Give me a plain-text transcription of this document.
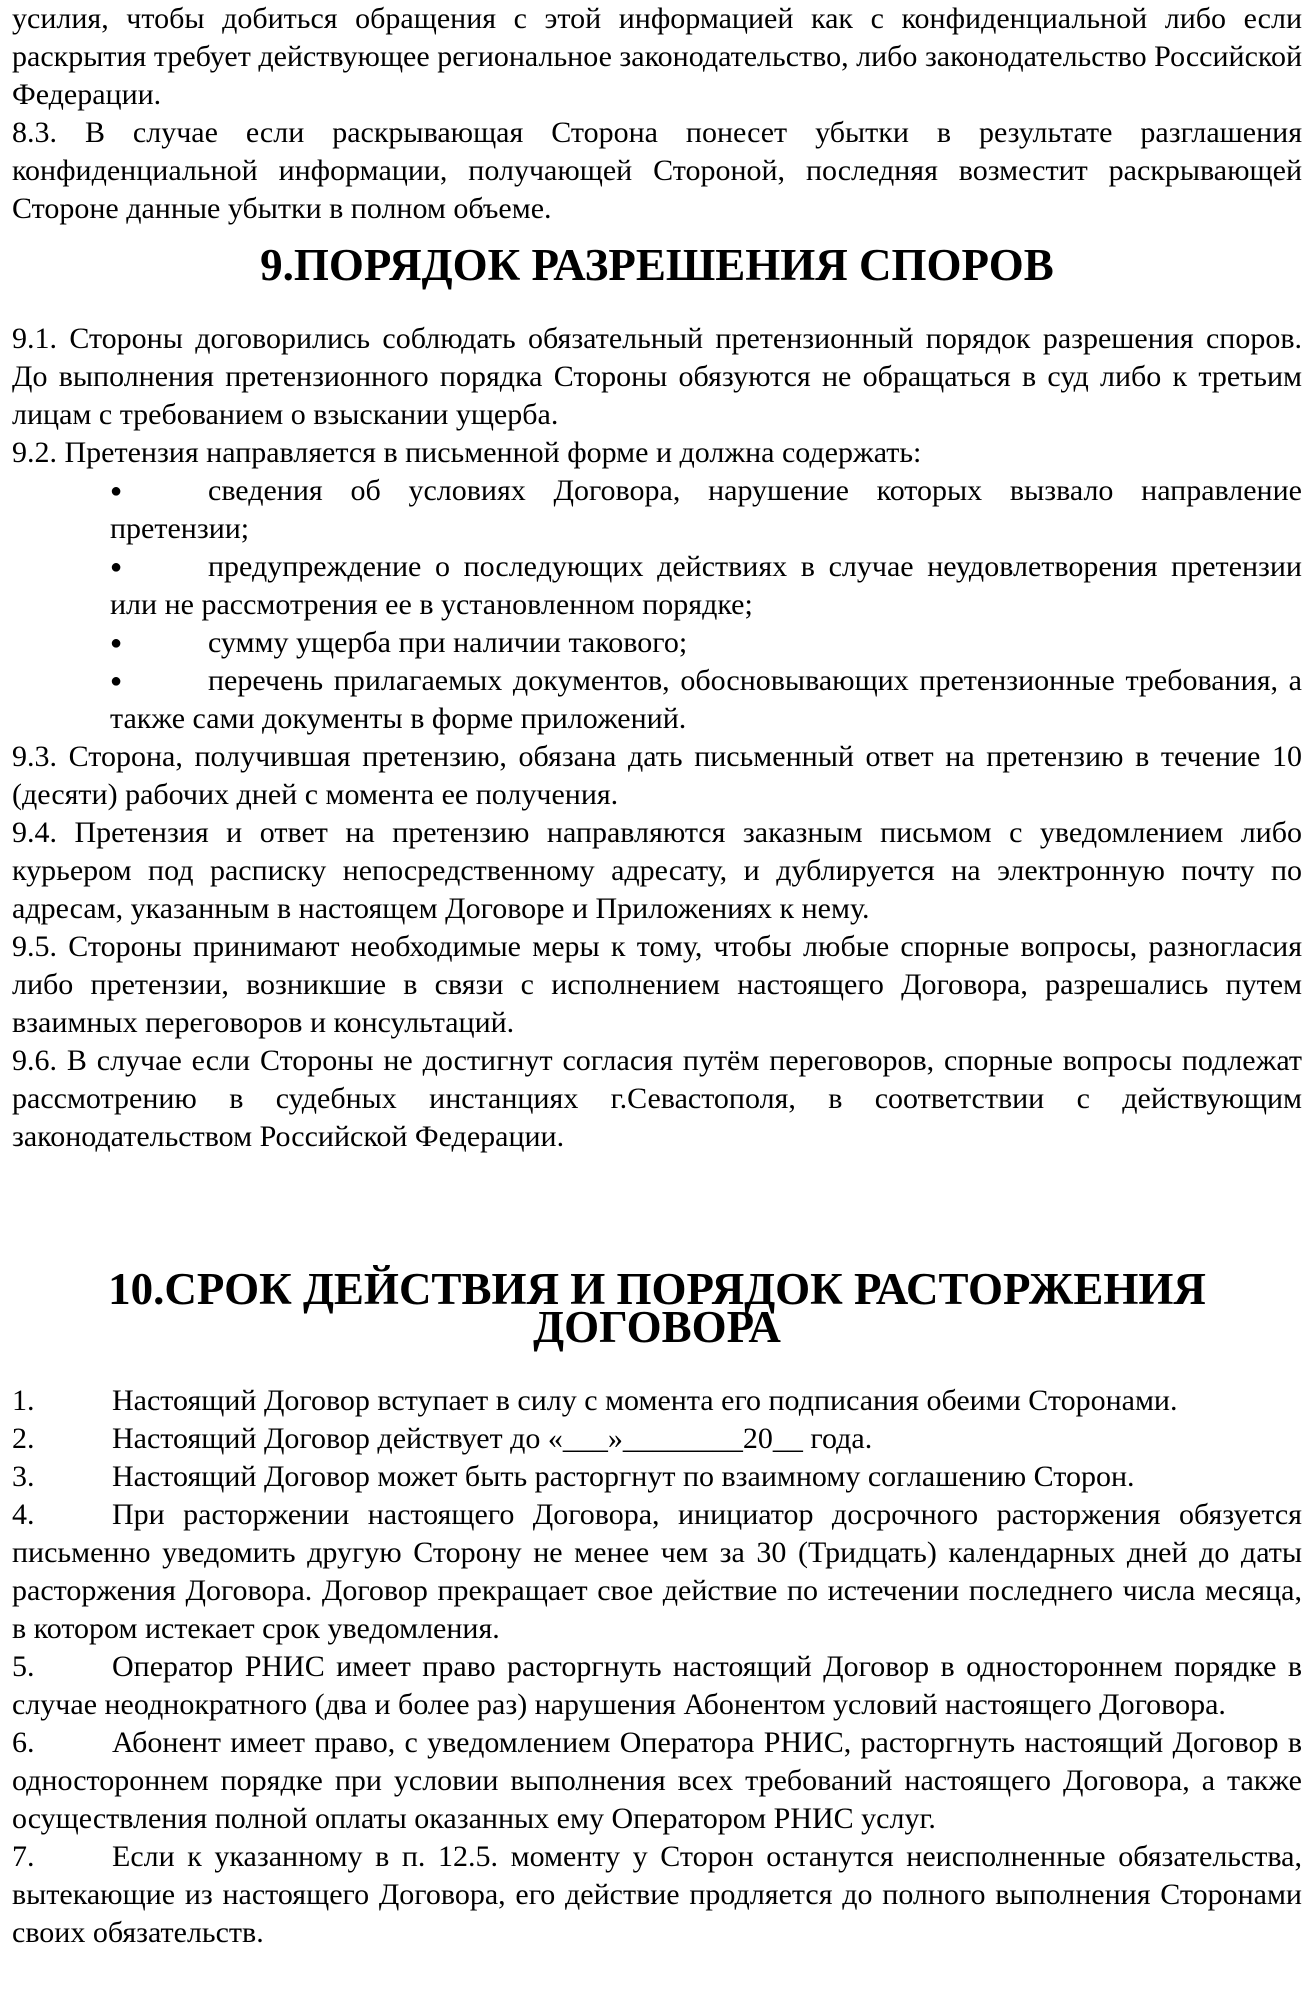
усилия, чтобы добиться обращения с этой информацией как с конфиденциальной либо если раскрытия требует действующее региональное законодательство, либо законодательство Российской Федерации.

8.3. В случае если раскрывающая Сторона понесет убытки в результате разглашения конфиденциальной информации, получающей Стороной, последняя возместит раскрывающей Стороне данные убытки в полном объеме.

9.ПОРЯДОК РАЗРЕШЕНИЯ СПОРОВ

9.1. Стороны договорились соблюдать обязательный претензионный порядок разрешения споров. До выполнения претензионного порядка Стороны обязуются не обращаться в суд либо к третьим лицам с требованием о взыскании ущерба.

9.2. Претензия направляется в письменной форме и должна содержать:

●	сведения об условиях Договора, нарушение которых вызвало направление претензии;
●	предупреждение о последующих действиях в случае неудовлетворения претензии или не рассмотрения ее в установленном порядке;
●	сумму ущерба при наличии такового;
●	перечень прилагаемых документов, обосновывающих претензионные требования, а также сами документы в форме приложений.

9.3. Сторона, получившая претензию, обязана дать письменный ответ на претензию в течение 10 (десяти) рабочих дней с момента ее получения.

9.4. Претензия и ответ на претензию направляются заказным письмом с уведомлением либо курьером под расписку непосредственному адресату, и дублируется на электронную почту по адресам, указанным в настоящем Договоре и Приложениях к нему.

9.5. Стороны принимают необходимые меры к тому, чтобы любые спорные вопросы, разногласия либо претензии, возникшие в связи с исполнением настоящего Договора, разрешались путем взаимных переговоров и консультаций.

9.6. В случае если Стороны не достигнут согласия путём переговоров, спорные вопросы подлежат рассмотрению в судебных инстанциях г.Севастополя, в соответствии с действующим законодательством Российской Федерации.

10.СРОК ДЕЙСТВИЯ И ПОРЯДОК РАСТОРЖЕНИЯ ДОГОВОРА
1.	Настоящий Договор вступает в силу с момента его подписания обеими Сторонами.
2.	Настоящий Договор действует до «___»________20__ года.
3.	Настоящий Договор может быть расторгнут по взаимному соглашению Сторон.
4.	При расторжении настоящего Договора, инициатор досрочного расторжения обязуется письменно уведомить другую Сторону не менее чем за 30 (Тридцать) календарных дней до даты расторжения Договора. Договор прекращает свое действие по истечении последнего числа месяца, в котором истекает срок уведомления.
5.	Оператор РНИС имеет право расторгнуть настоящий Договор в одностороннем порядке в случае неоднократного (два и более раз) нарушения Абонентом условий настоящего Договора.
6.	Абонент имеет право, с уведомлением Оператора РНИС, расторгнуть настоящий Договор в одностороннем порядке при условии выполнения всех требований настоящего Договора, а также осуществления полной оплаты оказанных ему Оператором РНИС услуг.
7.	Если к указанному в п. 12.5. моменту у Сторон останутся неисполненные обязательства, вытекающие из настоящего Договора, его действие продляется до полного выполнения Сторонами своих обязательств.
